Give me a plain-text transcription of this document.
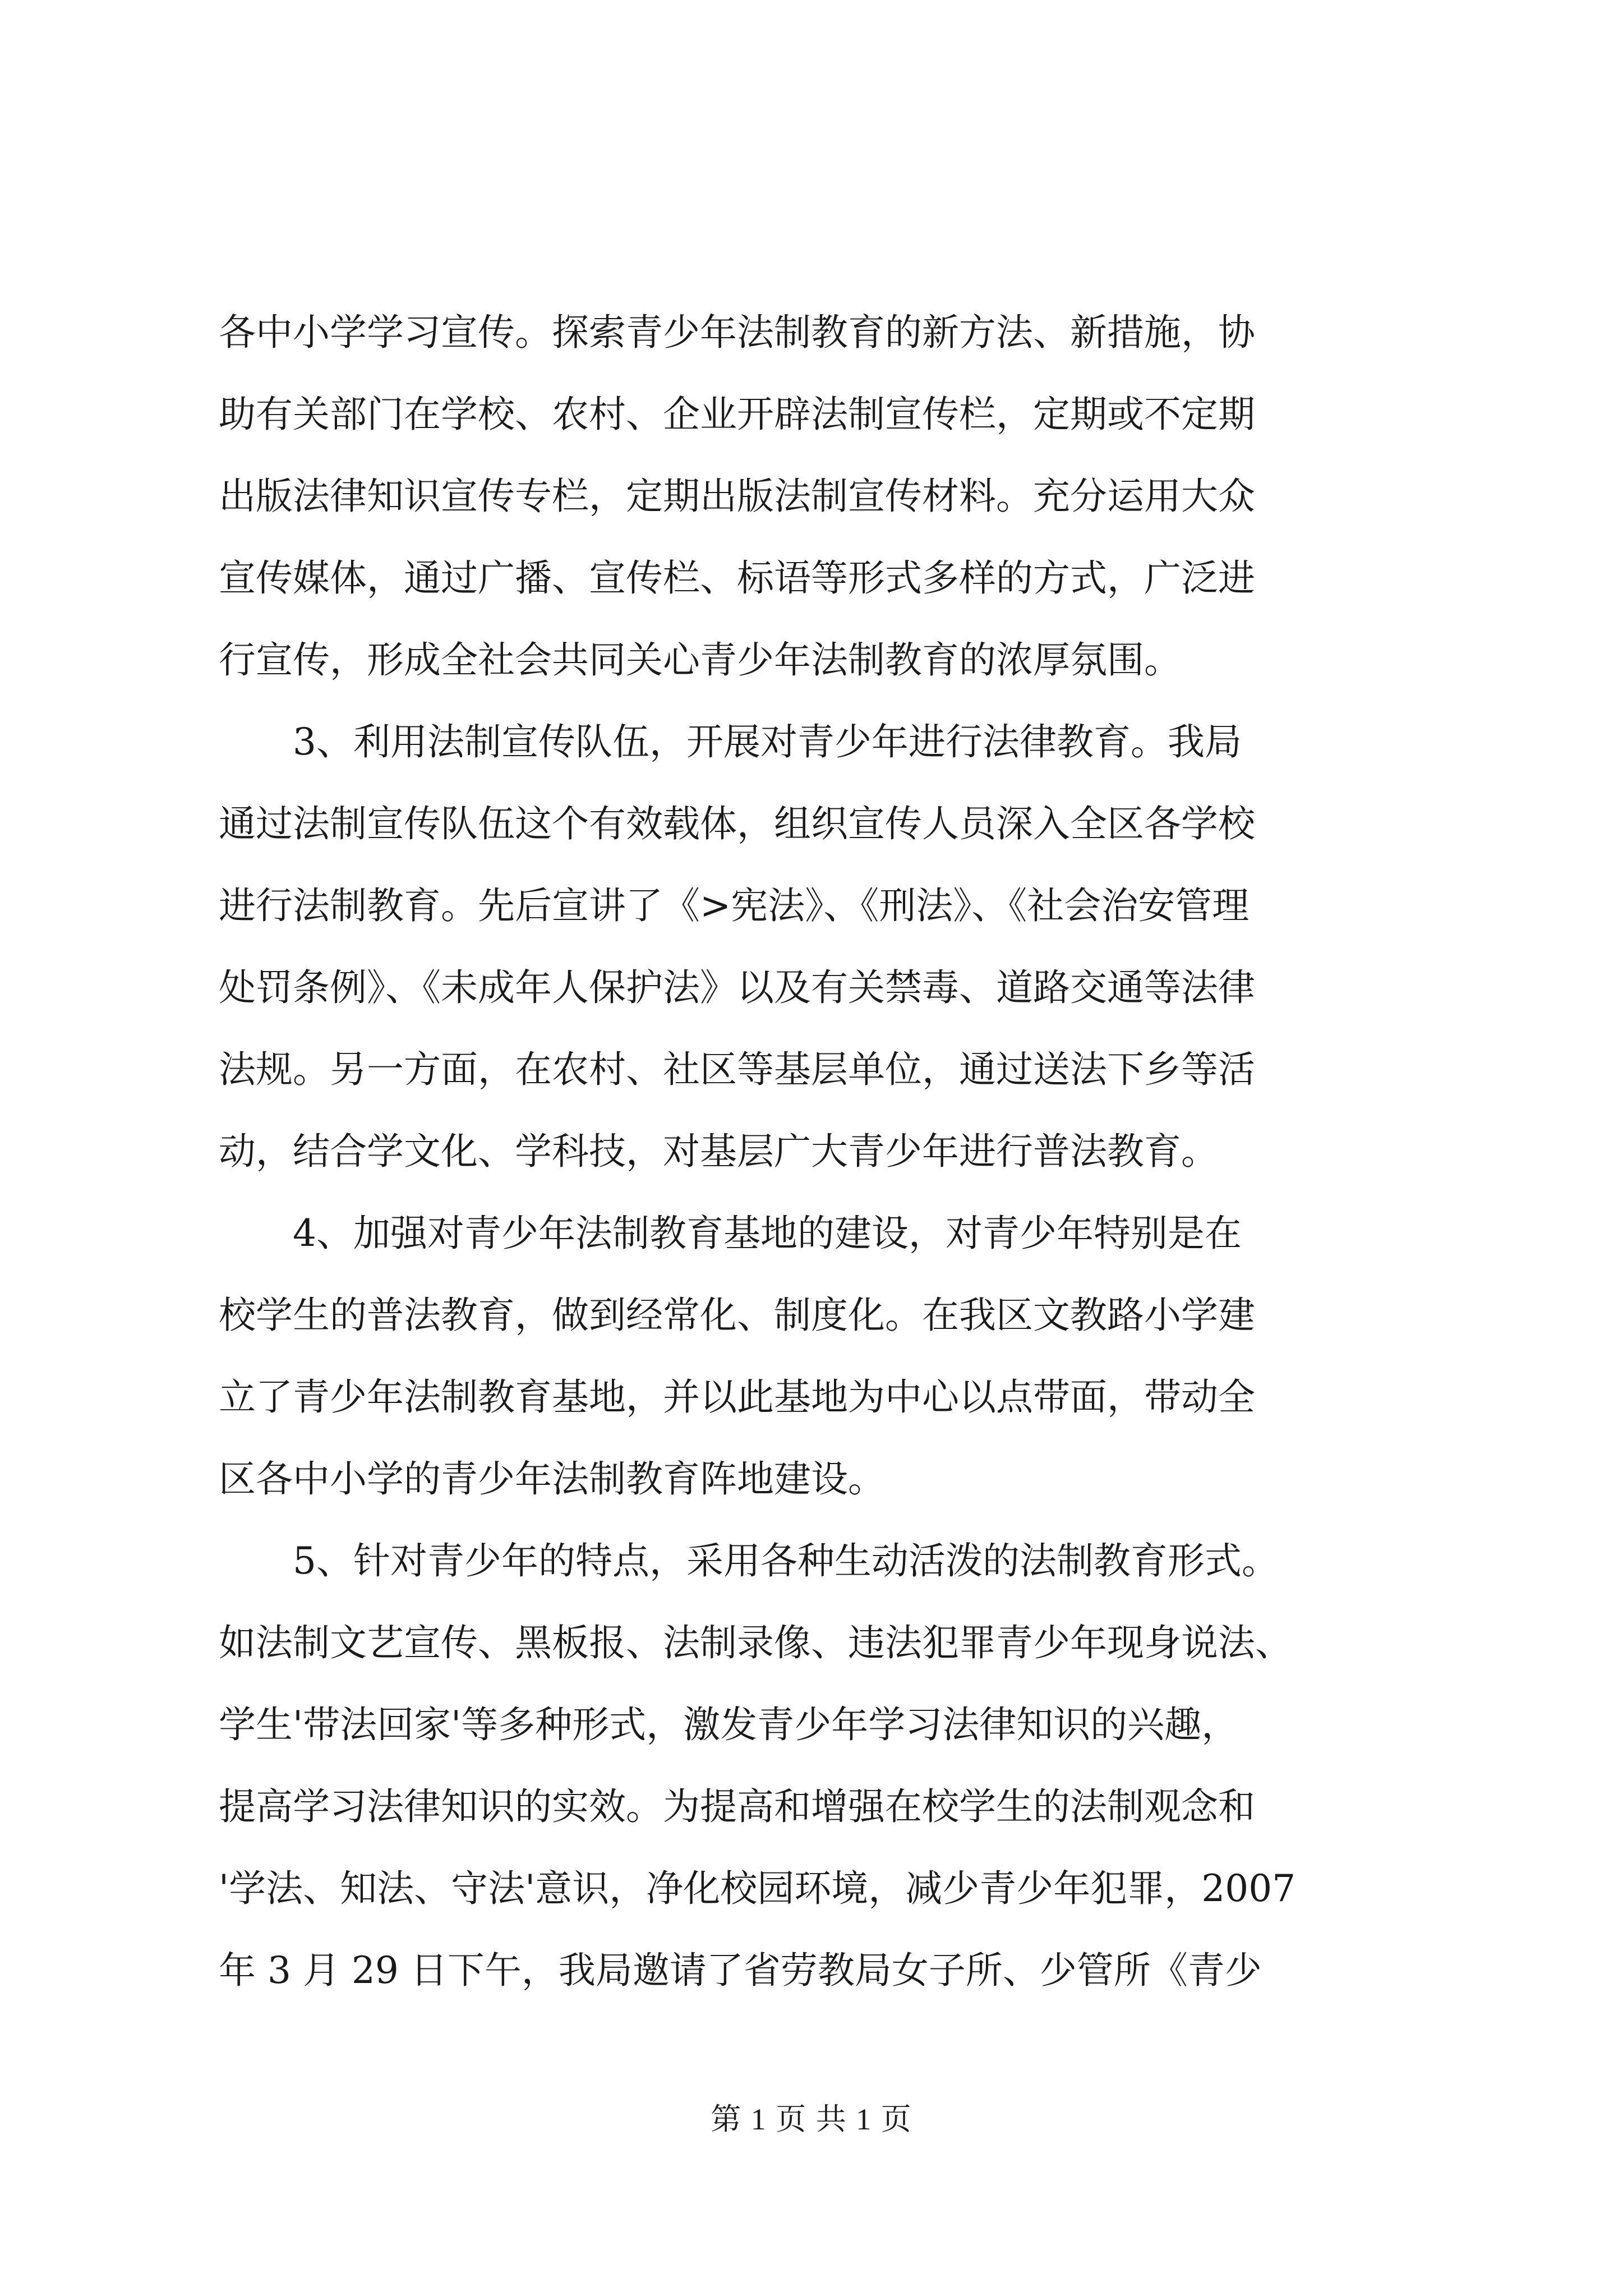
各中小学学习宣传。探索青少年法制教育的新方法、新措施，协
助有关部门在学校、农村、企业开辟法制宣传栏，定期或不定期
出版法律知识宣传专栏，定期出版法制宣传材料。充分运用大众
宣传媒体，通过广播、宣传栏、标语等形式多样的方式，广泛进
行宣传，形成全社会共同关心青少年法制教育的浓厚氛围。
3、利用法制宣传队伍，开展对青少年进行法律教育。我局
通过法制宣传队伍这个有效载体，组织宣传人员深入全区各学校
进行法制教育。先后宣讲了《>宪法》、《刑法》、《社会治安管理
处罚条例》、《未成年人保护法》以及有关禁毒、道路交通等法律
法规。另一方面，在农村、社区等基层单位，通过送法下乡等活
动，结合学文化、学科技，对基层广大青少年进行普法教育。
4、加强对青少年法制教育基地的建设，对青少年特别是在
校学生的普法教育，做到经常化、制度化。在我区文教路小学建
立了青少年法制教育基地，并以此基地为中心以点带面，带动全
区各中小学的青少年法制教育阵地建设。
5、针对青少年的特点，采用各种生动活泼的法制教育形式。
如法制文艺宣传、黑板报、法制录像、违法犯罪青少年现身说法、
学生'带法回家'等多种形式，激发青少年学习法律知识的兴趣，
提高学习法律知识的实效。为提高和增强在校学生的法制观念和
'学法、知法、守法'意识，净化校园环境，减少青少年犯罪，2007
年 3 月 29 日下午，我局邀请了省劳教局女子所、少管所《青少
第 1 页 共 1 页
